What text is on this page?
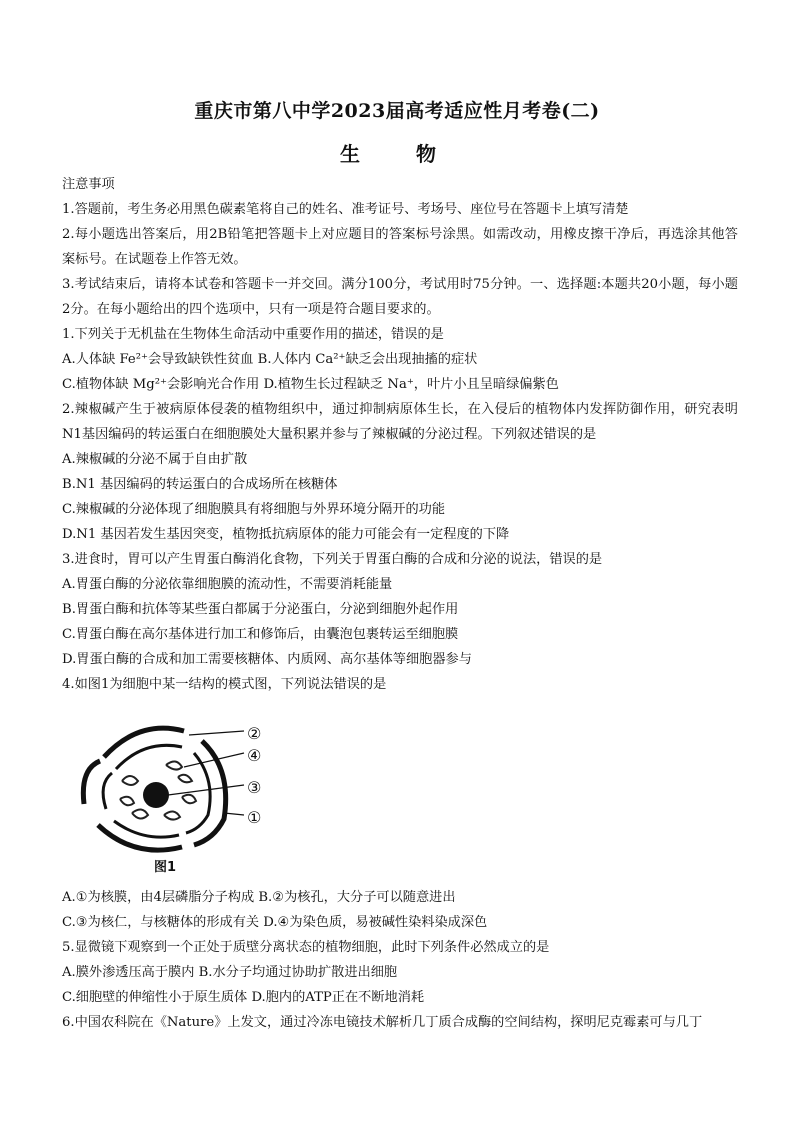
重庆市第八中学2023届高考适应性月考卷(二)
生　物
注意事项
1.答题前，考生务必用黑色碳素笔将自己的姓名、准考证号、考场号、座位号在答题卡上填写清楚
2.每小题选出答案后，用2B铅笔把答题卡上对应题目的答案标号涂黑。如需改动，用橡皮擦干净后，再选涂其他答案标号。在试题卷上作答无效。
3.考试结束后，请将本试卷和答题卡一并交回。满分100分，考试用时75分钟。一、选择题:本题共20小题，每小题2分。在每小题给出的四个选项中，只有一项是符合题目要求的。
1.下列关于无机盐在生物体生命活动中重要作用的描述，错误的是
A.人体缺 Fe²⁺会导致缺铁性贫血 B.人体内 Ca²⁺缺乏会出现抽搐的症状
C.植物体缺 Mg²⁺会影响光合作用 D.植物生长过程缺乏 Na⁺，叶片小且呈暗绿偏紫色
2.辣椒碱产生于被病原体侵袭的植物组织中，通过抑制病原体生长，在入侵后的植物体内发挥防御作用，研究表明N1基因编码的转运蛋白在细胞膜处大量积累并参与了辣椒碱的分泌过程。下列叙述错误的是
A.辣椒碱的分泌不属于自由扩散
B.N1 基因编码的转运蛋白的合成场所在核糖体
C.辣椒碱的分泌体现了细胞膜具有将细胞与外界环境分隔开的功能
D.N1 基因若发生基因突变，植物抵抗病原体的能力可能会有一定程度的下降
3.进食时，胃可以产生胃蛋白酶消化食物，下列关于胃蛋白酶的合成和分泌的说法，错误的是
A.胃蛋白酶的分泌依靠细胞膜的流动性，不需要消耗能量
B.胃蛋白酶和抗体等某些蛋白都属于分泌蛋白，分泌到细胞外起作用
C.胃蛋白酶在高尔基体进行加工和修饰后，由囊泡包裹转运至细胞膜
D.胃蛋白酶的合成和加工需要核糖体、内质网、高尔基体等细胞器参与
4.如图1为细胞中某一结构的模式图，下列说法错误的是
②
④
③
①
图1
A.①为核膜，由4层磷脂分子构成 B.②为核孔，大分子可以随意进出
C.③为核仁，与核糖体的形成有关 D.④为染色质，易被碱性染料染成深色
5.显微镜下观察到一个正处于质壁分离状态的植物细胞，此时下列条件必然成立的是
A.膜外渗透压高于膜内 B.水分子均通过协助扩散进出细胞
C.细胞壁的伸缩性小于原生质体 D.胞内的ATP正在不断地消耗
6.中国农科院在《Nature》上发文，通过冷冻电镜技术解析几丁质合成酶的空间结构，探明尼克霉素可与几丁
